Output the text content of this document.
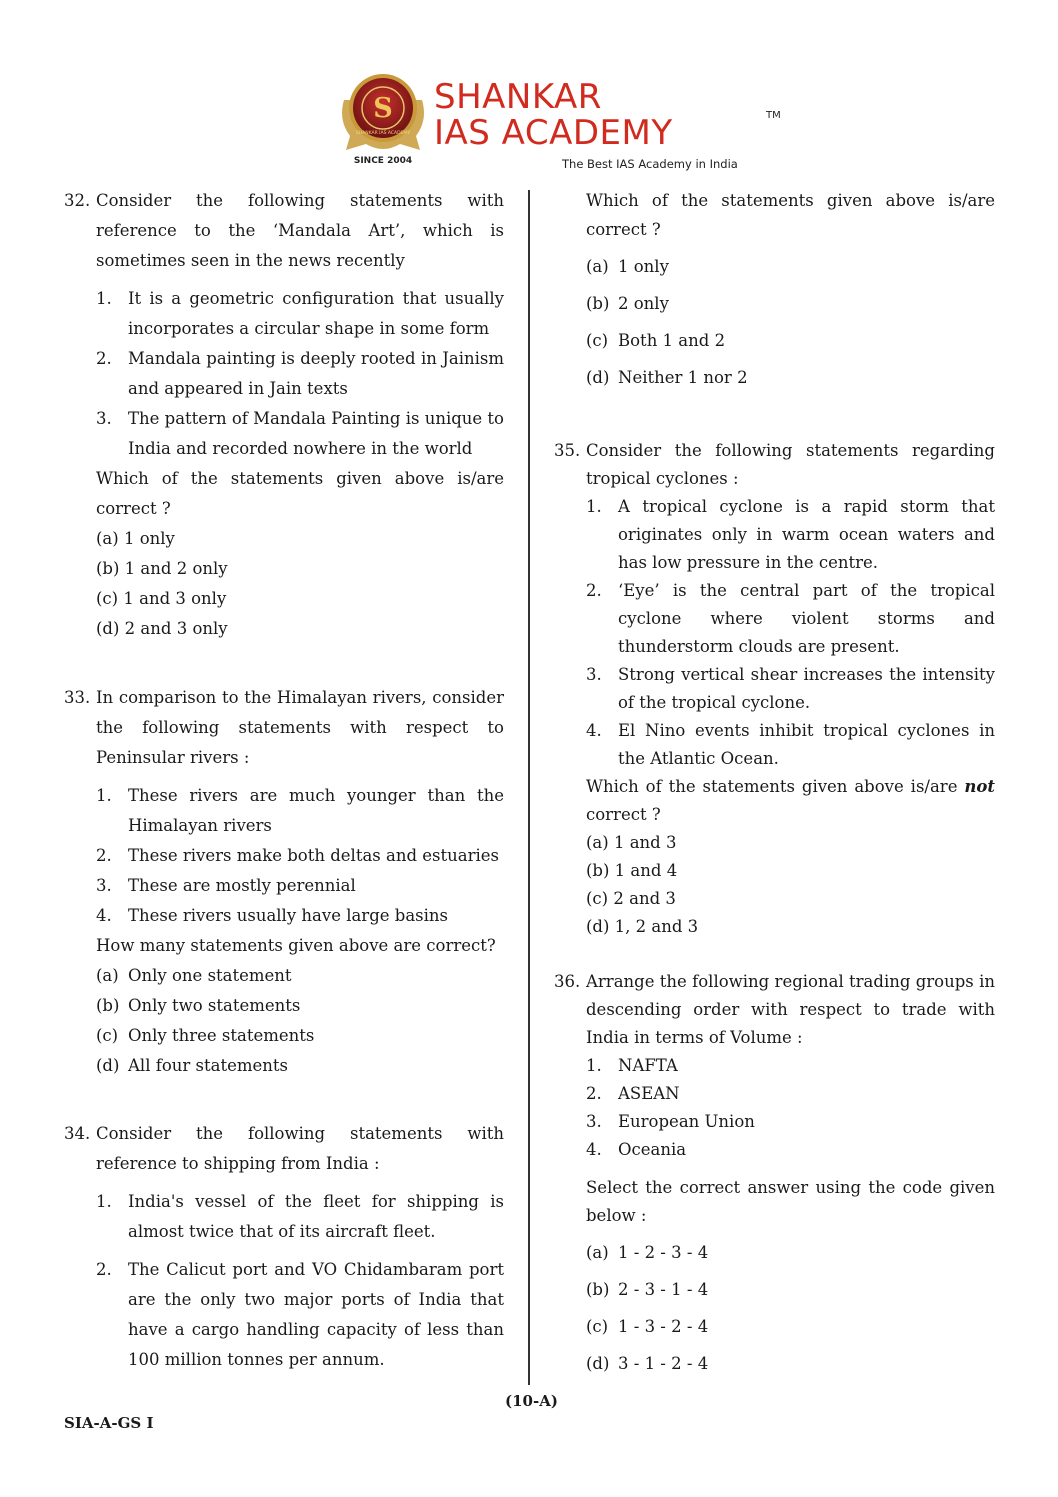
S
SHANKAR IAS ACADEMY
SINCE 2004
SHANKAR
IAS ACADEMY	TM
The Best IAS Academy in India
32. Consider the following statements with reference to the ‘Mandala Art’, which is sometimes seen in the news recently
1. It is a geometric configuration that usually incorporates a circular shape in some form
2. Mandala painting is deeply rooted in Jainism and appeared in Jain texts
3. The pattern of Mandala Painting is unique to India and recorded nowhere in the world
Which of the statements given above is/are correct ?
(a) 1 only
(b) 1 and 2 only
(c) 1 and 3 only
(d) 2 and 3 only
33. In comparison to the Himalayan rivers, consider the following statements with respect to Peninsular rivers :
1. These rivers are much younger than the Himalayan rivers
2. These rivers make both deltas and estuaries
3. These are mostly perennial
4. These rivers usually have large basins
How many statements given above are correct?
(a) Only one statement
(b) Only two statements
(c) Only three statements
(d) All four statements
34. Consider the following statements with reference to shipping from India :
1. India's vessel of the fleet for shipping is almost twice that of its aircraft fleet.
2. The Calicut port and VO Chidambaram port are the only two major ports of India that have a cargo handling capacity of less than 100 million tonnes per annum.
Which of the statements given above is/are correct ?
(a) 1 only
(b) 2 only
(c) Both 1 and 2
(d) Neither 1 nor 2
35. Consider the following statements regarding tropical cyclones :
1. A tropical cyclone is a rapid storm that originates only in warm ocean waters and has low pressure in the centre.
2. ‘Eye’ is the central part of the tropical cyclone where violent storms and thunderstorm clouds are present.
3. Strong vertical shear increases the intensity of the tropical cyclone.
4. El Nino events inhibit tropical cyclones in the Atlantic Ocean.
Which of the statements given above is/are not correct ?
(a) 1 and 3
(b) 1 and 4
(c) 2 and 3
(d) 1, 2 and 3
36. Arrange the following regional trading groups in descending order with respect to trade with India in terms of Volume :
1. NAFTA
2. ASEAN
3. European Union
4. Oceania
Select the correct answer using the code given below :
(a) 1 - 2 - 3 - 4
(b) 2 - 3 - 1 - 4
(c) 1 - 3 - 2 - 4
(d) 3 - 1 - 2 - 4
(10-A)
SIA-A-GS I
